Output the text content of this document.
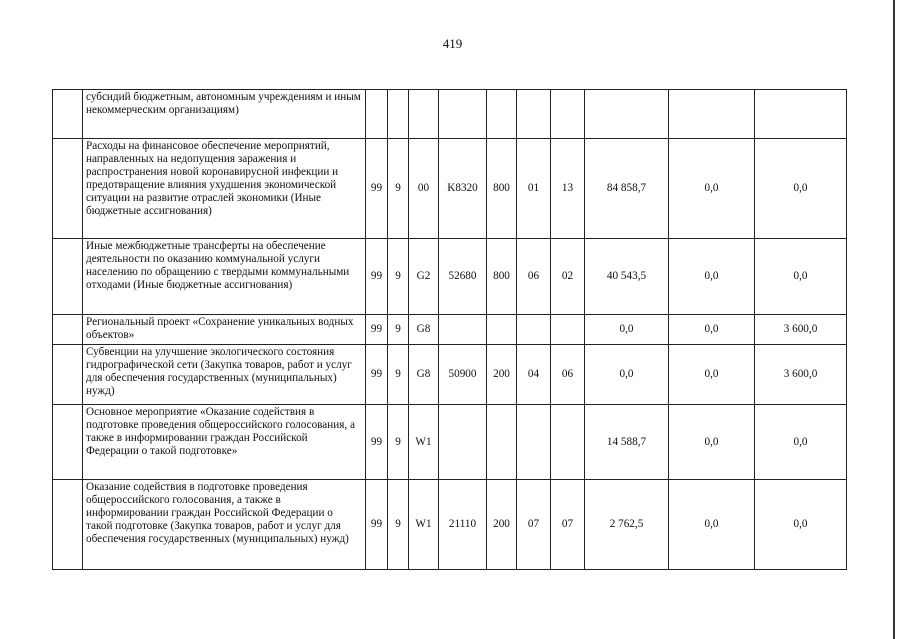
419
	субсидий бюджетным, автономным учреждениям и иным некоммерческим организациям)										
	Расходы на финансовое обеспечение мероприятий, направленных на недопущения заражения и распространения новой коронавирусной инфекции и предотвращение влияния ухудшения экономической ситуации на развитие отраслей экономики (Иные бюджетные ассигнования)	99	9	00	K8320	800	01	13	84 858,7	0,0	0,0
	Иные межбюджетные трансферты на обеспечение деятельности по оказанию коммунальной услуги населению по обращению с твердыми коммунальными отходами (Иные бюджетные ассигнования)	99	9	G2	52680	800	06	02	40 543,5	0,0	0,0
	Региональный проект «Сохранение уникальных водных объектов»	99	9	G8					0,0	0,0	3 600,0
	Субвенции на улучшение экологического состояния гидрографической сети (Закупка товаров, работ и услуг для обеспечения государственных (муниципальных) нужд)	99	9	G8	50900	200	04	06	0,0	0,0	3 600,0
	Основное мероприятие «Оказание содействия в подготовке проведения общероссийского голосования, а также в информировании граждан Российской Федерации о такой подготовке»	99	9	W1					14 588,7	0,0	0,0
	Оказание содействия в подготовке проведения общероссийского голосования, а также в информировании граждан Российской Федерации о такой подготовке (Закупка товаров, работ и услуг для обеспечения государственных (муниципальных) нужд)	99	9	W1	21110	200	07	07	2 762,5	0,0	0,0
